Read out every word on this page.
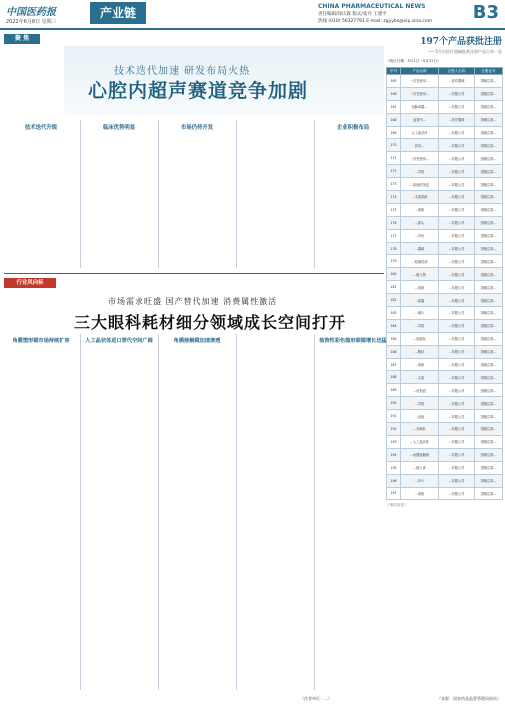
中国医药报
2022年6月8日 星期三
产业链	CHINA PHARMACEUTICAL NEWS
责任编辑/徐庆霖 版式/张丹 王建平
热线 (010) 56327791 E-mail: zgyybs@vip.sina.com B3
聚 焦
技术迭代加速 研发布局火热
心腔内超声赛道竞争加剧
技术迭代升级	临床优势明显	市场仍待开发	企业积极布局
行业风向标
市场需求旺盛 国产替代加速 消费属性激活
三大眼科耗材细分领域成长空间打开
角膜塑形镜市场持续扩容	人工晶状体进口替代空间广阔	角膜接触镜加速渗透	装饰性彩色隐形眼镜增长迅猛
197个产品获批注册
——5月份医疗器械批准注册产品目录一览
（统计日期：5月1日～5月31日）
序号	产品名称	注册人名称	注册证号
165	一次性使用...	...医疗器械	国械注准...
166	一次性使用...	...有限公司	国械注准...
167	冠脉球囊...	...有限公司	国械注准...
168	血管内...	...医疗器械	国械注准...
169	人工晶状体	...有限公司	国械注准...
170	医用...	...有限公司	国械注准...
171	一次性使用...	...有限公司	国械注准...
172	...导管	...有限公司	国械注准...
173	...检测试剂盒	...有限公司	国械注准...
174	...支架系统	...有限公司	国械注准...
175	...系统	...有限公司	国械注准...
176	...探头	...有限公司	国械注准...
177	...导丝	...有限公司	国械注准...
178	...器械	...有限公司	国械注准...
179	...检测试剂	...有限公司	国械注准...
180	...植入物	...有限公司	国械注准...
181	...系统	...有限公司	国械注准...
182	...球囊	...有限公司	国械注准...
183	...镜片	...有限公司	国械注准...
184	...导管	...有限公司	国械注准...
185	...检测仪	...有限公司	国械注准...
186	...敷料	...有限公司	国械注准...
187	...系统	...有限公司	国械注准...
188	...支架	...有限公司	国械注准...
189	...试剂盒	...有限公司	国械注准...
190	...导管	...有限公司	国械注准...
191	...设备	...有限公司	国械注准...
192	...穿刺针	...有限公司	国械注准...
193	...人工晶状体	...有限公司	国械注准...
194	...角膜接触镜	...有限公司	国械注准...
195	...植入体	...有限公司	国械注准...
196	...补片	...有限公司	国械注准...
197	...系统	...有限公司	国械注准...
（本栏目完）
（作者单位：…）	（来源：国家药品监督管理局网站）
